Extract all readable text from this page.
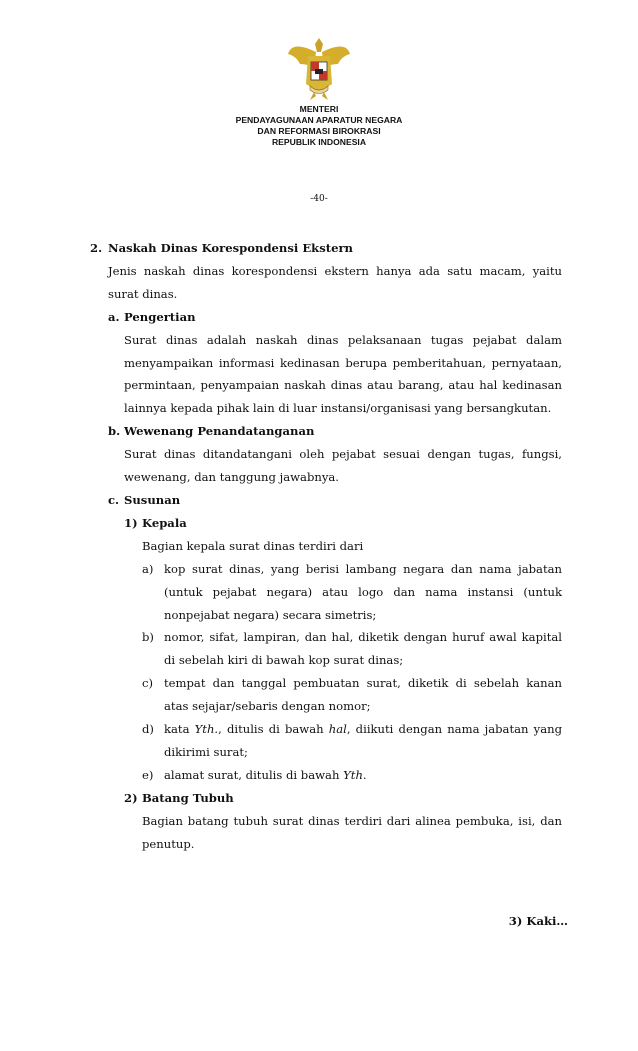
MENTERI
PENDAYAGUNAAN APARATUR NEGARA
DAN REFORMASI BIROKRASI
REPUBLIK INDONESIA
-40-
2. Naskah Dinas Korespondensi Ekstern
Jenis naskah dinas korespondensi ekstern hanya ada satu macam, yaitu surat dinas.
a. Pengertian
Surat dinas adalah naskah dinas pelaksanaan tugas pejabat dalam menyampaikan informasi kedinasan berupa pemberitahuan, pernyataan, permintaan, penyampaian naskah dinas atau barang, atau hal kedinasan lainnya kepada pihak lain di luar instansi/organisasi yang bersangkutan.
b. Wewenang Penandatanganan
Surat dinas ditandatangani oleh pejabat sesuai dengan tugas, fungsi, wewenang, dan tanggung jawabnya.
c. Susunan
1) Kepala
Bagian kepala surat dinas terdiri dari
a) kop surat dinas, yang berisi lambang negara dan nama jabatan (untuk pejabat negara) atau logo dan nama instansi (untuk nonpejabat negara) secara simetris;
b) nomor, sifat, lampiran, dan hal, diketik dengan huruf awal kapital di sebelah kiri di bawah kop surat dinas;
c) tempat dan tanggal pembuatan surat, diketik di sebelah kanan atas sejajar/sebaris dengan nomor;
d) kata Yth., ditulis di bawah hal, diikuti dengan nama jabatan yang dikirimi surat;
e) alamat surat, ditulis di bawah Yth.
2) Batang Tubuh
Bagian batang tubuh surat dinas terdiri dari alinea pembuka, isi, dan penutup.
3) Kaki…
